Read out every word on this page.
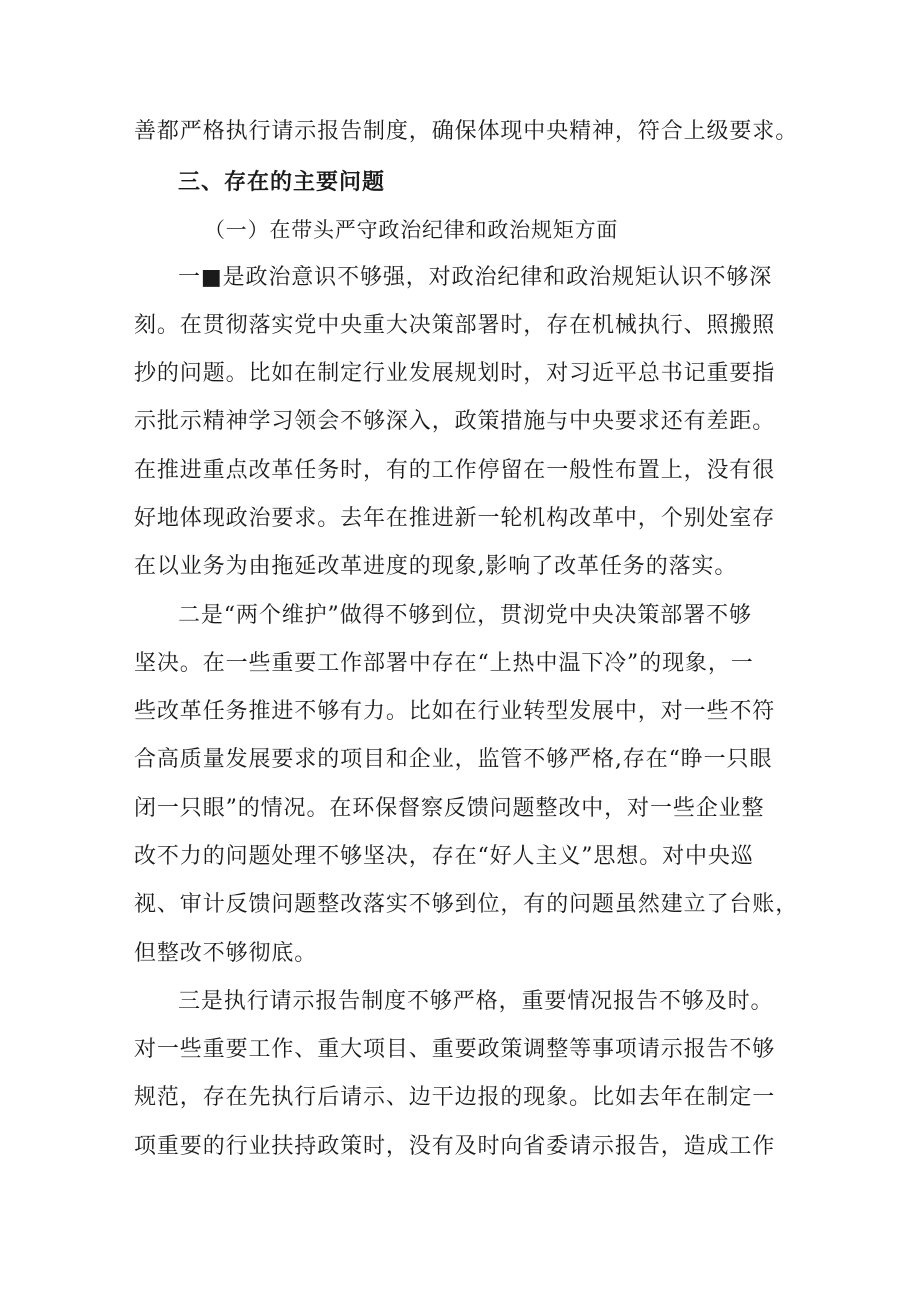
善都严格执行请示报告制度，确保体现中央精神，符合上级要求。
三、存在的主要问题
（一）在带头严守政治纪律和政治规矩方面
一■是政治意识不够强，对政治纪律和政治规矩认识不够深
刻。在贯彻落实党中央重大决策部署时，存在机械执行、照搬照
抄的问题。比如在制定行业发展规划时，对习近平总书记重要指
示批示精神学习领会不够深入，政策措施与中央要求还有差距。
在推进重点改革任务时，有的工作停留在一般性布置上，没有很
好地体现政治要求。去年在推进新一轮机构改革中，个别处室存
在以业务为由拖延改革进度的现象,影响了改革任务的落实。
二是“两个维护”做得不够到位，贯沏党中央决策部署不够
坚决。在一些重要工作部署中存在“上热中温下冷”的现象，一
些改革任务推进不够有力。比如在行业转型发展中，对一些不符
合高质量发展要求的项目和企业，监管不够严格,存在“睁一只眼
闭一只眼”的情况。在环保督察反馈问题整改中，对一些企业整
改不力的问题处理不够坚决，存在“好人主义”思想。对中央巡
视、审计反馈问题整改落实不够到位，有的问题虽然建立了台账，
但整改不够彻底。
三是执行请示报告制度不够严格，重要情况报告不够及时。
对一些重要工作、重大项目、重要政策调整等事项请示报告不够
规范，存在先执行后请示、边干边报的现象。比如去年在制定一
项重要的行业扶持政策时，没有及时向省委请示报告，造成工作
